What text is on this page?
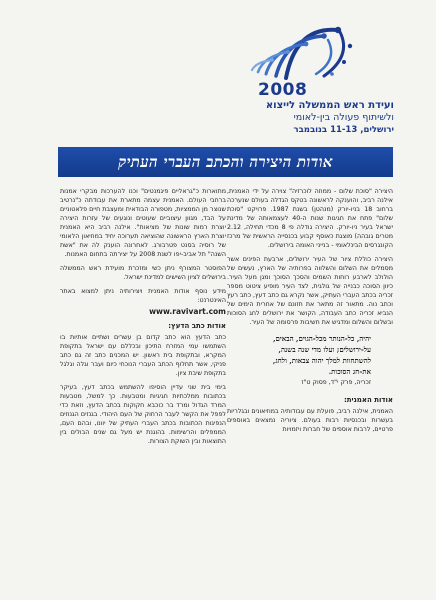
2008
ועידת ראש הממשלה לייצוא
ולשיתוף פעולה בין-לאומי
ירושלים, 11-13 בנובמבר
אודות היצירה והכתב העברי העתיק

היצירה "סוכת שלום - ממוזה לוכרזיה" צוירה על ידי האמנית, אילנה רביב, והוענקה לראשונה בטקס הגדלה בעולם שנערכה ברחוב 18 בניו-יורק (מנהטן) בשנת 1987. פרויקט "סוכת שלום" פתח את חגיגות שנות ה-40 לעצמאותה של מדינת ישראל בעיר ניו-יורק. היצירה גודלה פי 8 מכדי תחילה, 2.12 מטרים גובהה) מוצגת כאוסף קבוע בכנסייה הראשית של מרכז הקונגרסים הבינלאומי - בנייני האומה בירושלים.

היצירה כוללת ציור של העיר ירושלים, ארבעת הפינים אשר מסמלים את השלום והשלווה בפרותיה של הארץ, נעשים של הולולב לארבע רוחות השמים והסכך הסוכך ומגן מעל העיר. כיוון הסוכה כבנייה של גולגית, לצד העיר מופיע ציטוט מספר זכריה בכתב העברי העתיק, אשר נקרא גם כתב דעץ, כתב רעץ וכתב נוה. מתאור זה מתאר את חזונם של אחרית הימים של הנביא זכריה כתב העבודה, הקושר את ירושלים לחג הסוכות ובשלום והשלום ומדגיש את חשיבות פרסומה של העיר.

יהיה, כל-הנותר מכל-הגוים, הבאים,
על-ירושלים; ועלו מדי שנה בשנה,
להשתחוות למלך יהוה צבאות, ולחג,
את-חג הסוכות.
זכריה, פרק י"ד, פסוק ט"ז
אודות האמנית:

האמנית, אילנה רביב, פועלת עם עבודותיה במוזיאונים ובגלריות בעשרות ובכנסיות רבות בעולם. ציוריה נמצאים באוספים פרטיים, לרבות אוספים של חברות ויזמויות

מתוארות כ"גראליים פיגמנטים" וכנו להערכות מבקרי אמנות ברחבי העולם. האמנית עצמה מתארת את עבודתה כ"נרטיב שנוצר מן הממציות, מטפורה הבודאית ומעצבת חיים פלאטוניים על הבד, מגוון עיצוביים שעוטים ונוגעים של עזרות היצירה יוצרת רמות שונות של מציאות". אילנה רביב היא האמנית יוצרת הארץ הראשונה שהוציאה תערוכה יחיד במוזיאון הלאומי של רוסיה בסנט פטרבורג. לאחרונה הוענק לה את "אשת השנה" תל אביב-יפו לשנת 2008 על יצירתה בתחום האמנות.

הפוסטר המצורף ניתן כשי ומזכרת מועידת ראש הממשלה בירושלים לציון השישים למדינת ישראל.

מידע נוסף אודות האמנית ויצירותיה ניתן למצוא באתר האינטרנט:

www.ravivart.com
אודות כתב הדעץ:

כתב הדעץ הוא כתב קדום בן עשרים ושתיים אותיות בו השתמשו עמי המזרח התיכון ובכללם עם ישראל בתקופת המקרא, ובתקופת בית ראשון. יש המכנים כתב זה גם כתב פניקי, אשר תחלוף הכתב העברי הנוכחי כיום ועבר וגלה וגלגל בתקופת שיבת ציון.

בימי בית שני עדיין הוסיפו להשתמש בכתב דעץ, בעיקר בכתובות ממלכתיות חגיגיות ומטבעות. כך למשל, מטבעות המרד הגדול ומרד בר כוכבא חקוקות בכתב הדעץ, וזאת כדי לפפל את הקשר לעבר הרחוק של העם היהודי. בגנזים הגנוזים הנפיגות הכתובות בכתב העברי העתיק של יוונו, ובהם העם, הממפלים והרשימות. בהוגנת יש מעל גם שנים הבולים בין התוצאות ובין השוקת הצורות.
